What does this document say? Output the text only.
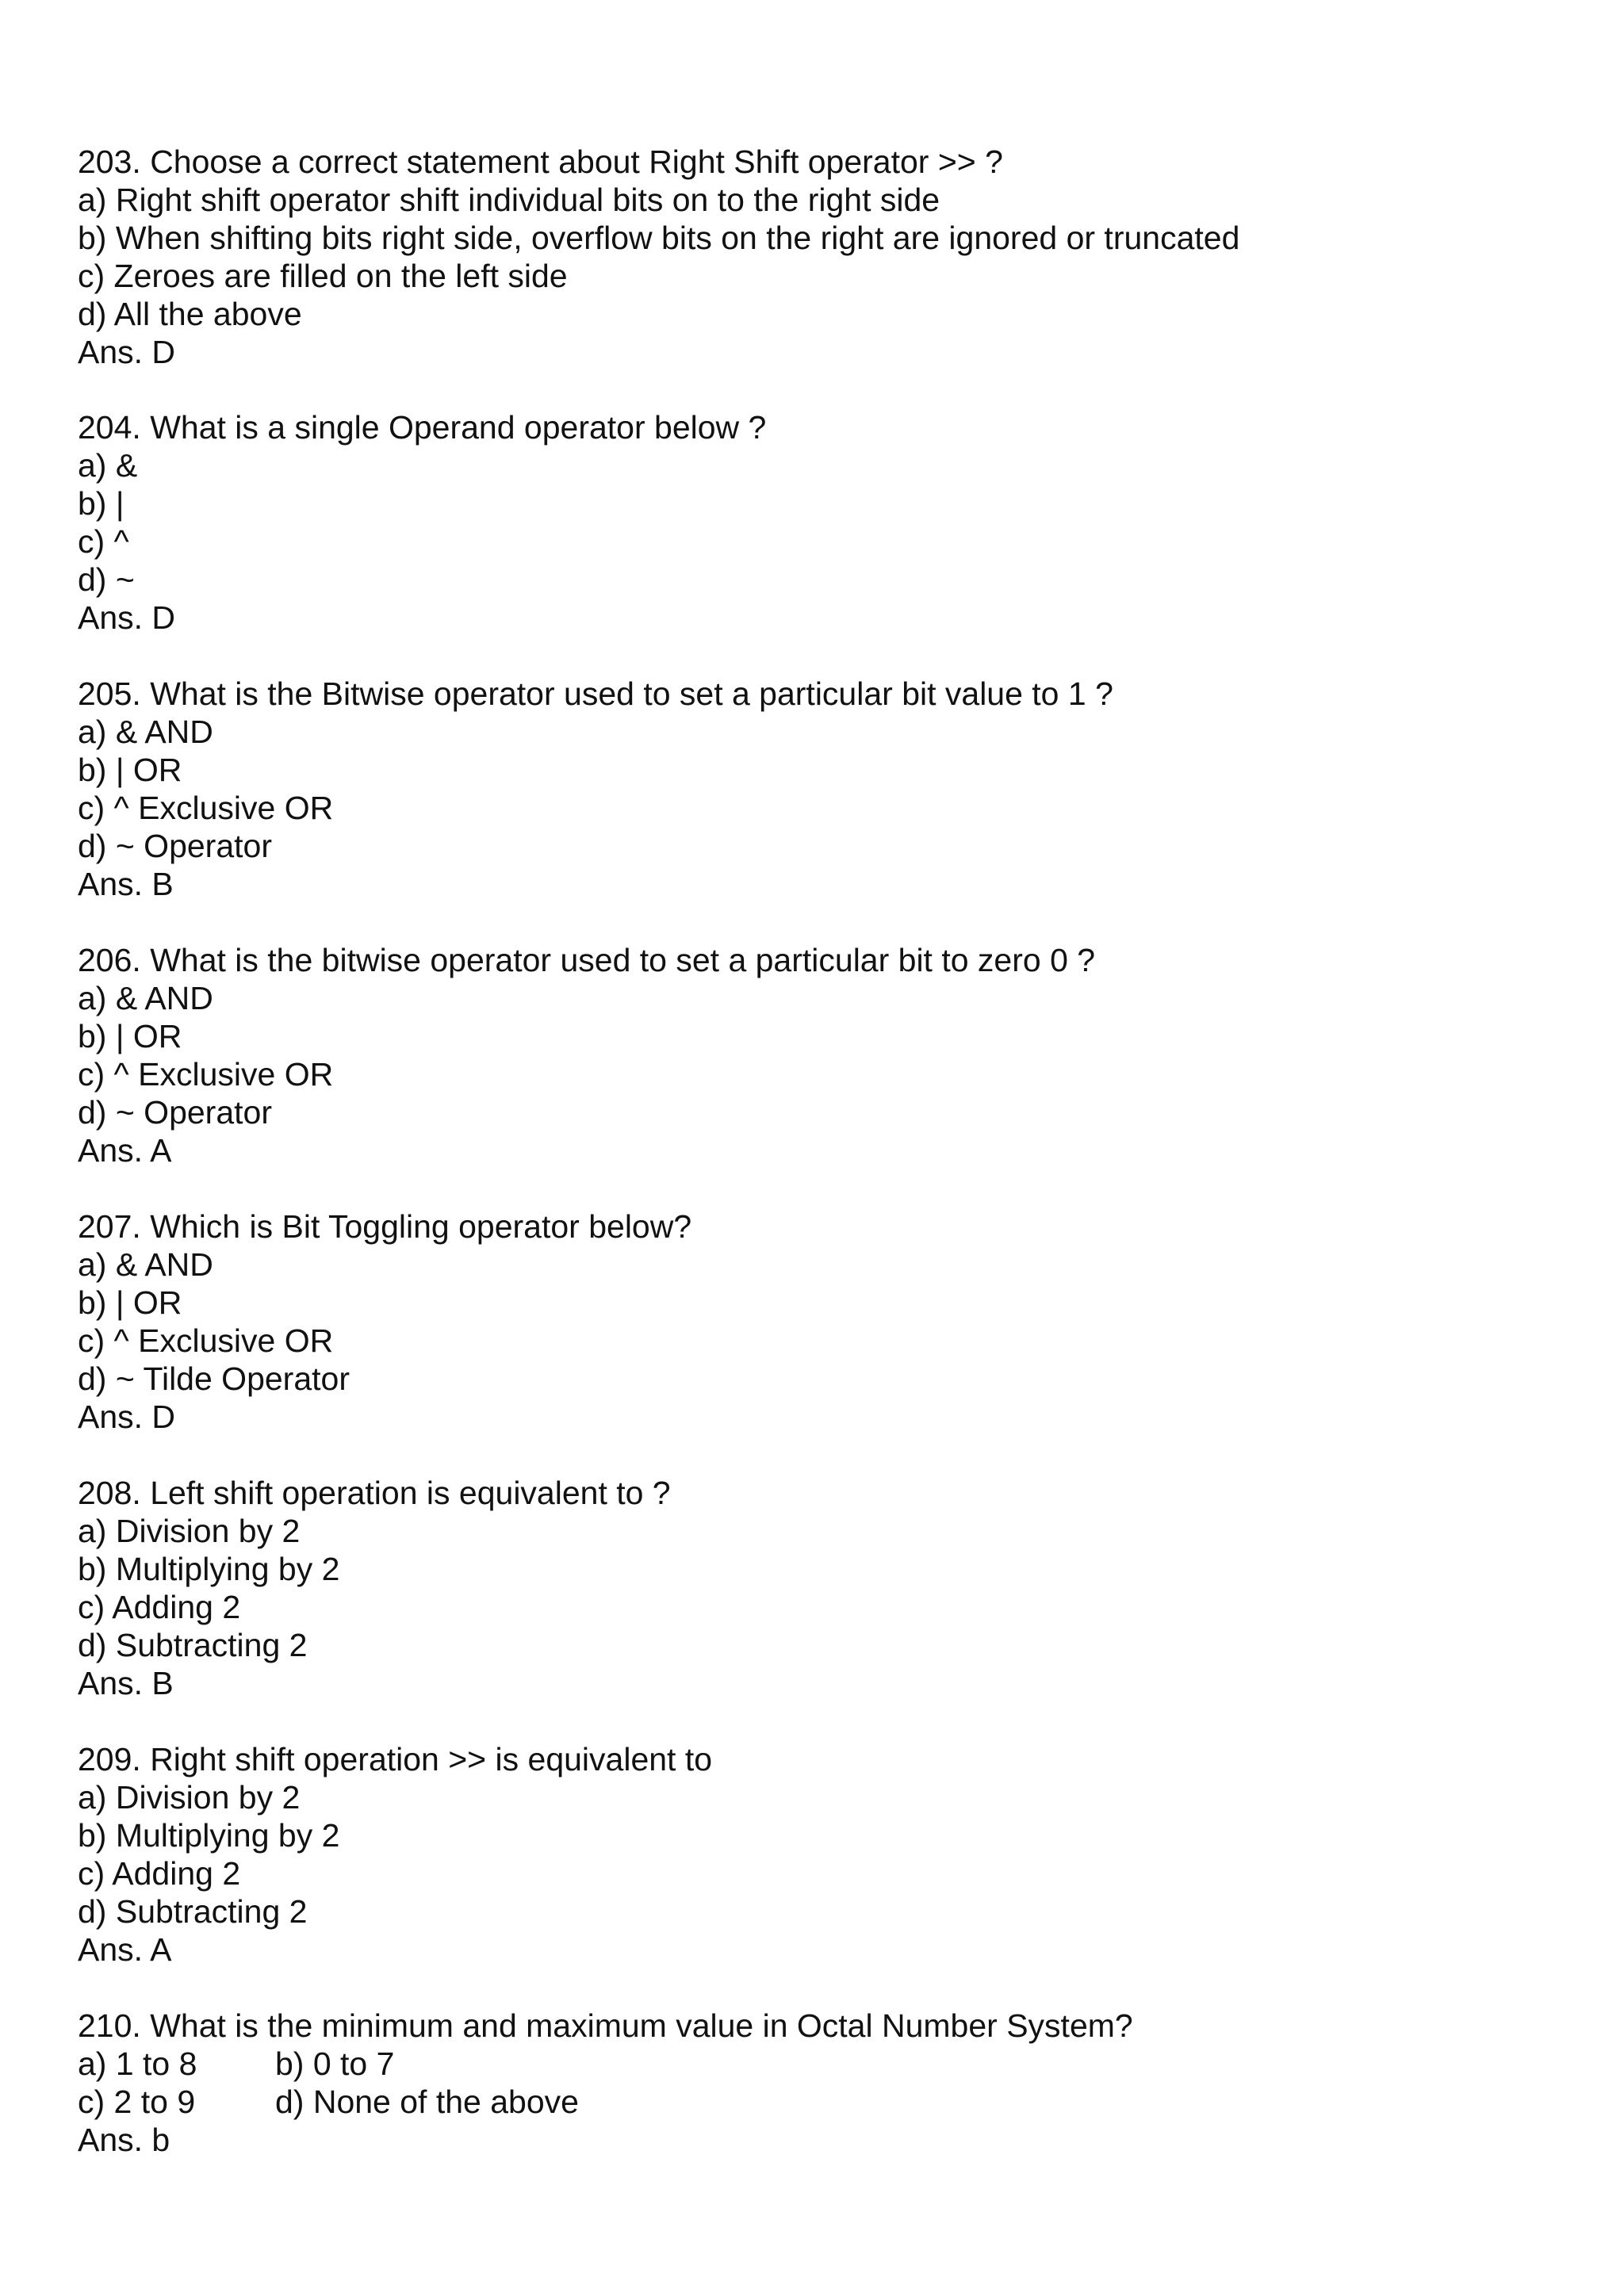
203. Choose a correct statement about Right Shift operator >> ?
a) Right shift operator shift individual bits on to the right side
b) When shifting bits right side, overflow bits on the right are ignored or truncated
c) Zeroes are filled on the left side
d) All the above
Ans. D
204. What is a single Operand operator below ?
a) &
b) |
c) ^
d) ~
Ans. D
205. What is the Bitwise operator used to set a particular bit value to 1 ?
a) & AND
b) | OR
c) ^ Exclusive OR
d) ~ Operator
Ans. B
206. What is the bitwise operator used to set a particular bit to zero 0 ?
a) & AND
b) | OR
c) ^ Exclusive OR
d) ~ Operator
Ans. A
207. Which is Bit Toggling operator below?
a) & AND
b) | OR
c) ^ Exclusive OR
d) ~ Tilde Operator
Ans. D
208. Left shift operation is equivalent to ?
a) Division by 2
b) Multiplying by 2
c) Adding 2
d) Subtracting 2
Ans. B
209. Right shift operation >> is equivalent to
a) Division by 2
b) Multiplying by 2
c) Adding 2
d) Subtracting 2
Ans. A
210. What is the minimum and maximum value in Octal Number System?
a) 1 to 8	b) 0 to 7
c) 2 to 9	d) None of the above
Ans. b
